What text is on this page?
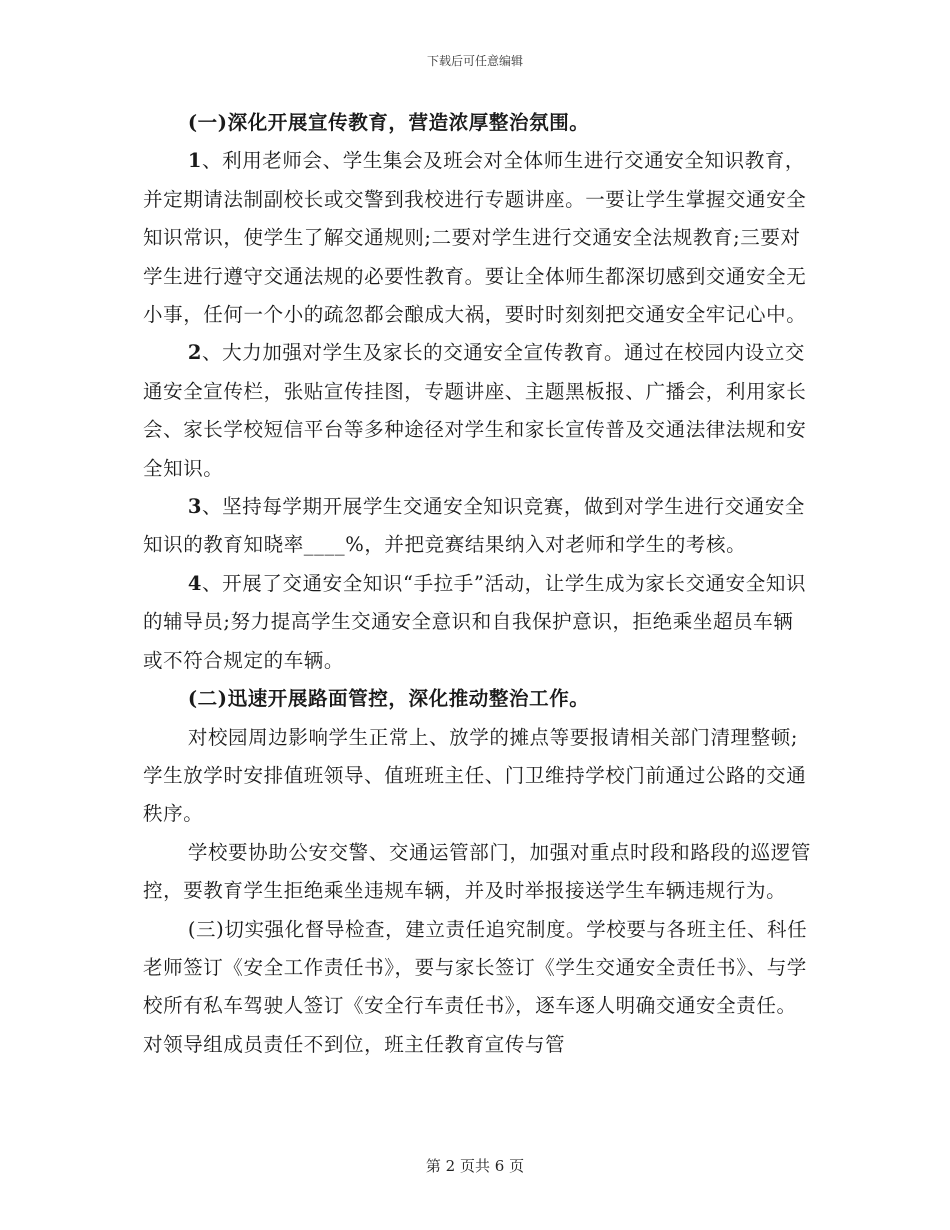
下载后可任意编辑

(一)深化开展宣传教育，营造浓厚整治氛围。

1、利用老师会、学生集会及班会对全体师生进行交通安全知识教育，并定期请法制副校长或交警到我校进行专题讲座。一要让学生掌握交通安全知识常识，使学生了解交通规则;二要对学生进行交通安全法规教育;三要对学生进行遵守交通法规的必要性教育。要让全体师生都深切感到交通安全无小事，任何一个小的疏忽都会酿成大祸，要时时刻刻把交通安全牢记心中。

2、大力加强对学生及家长的交通安全宣传教育。通过在校园内设立交通安全宣传栏，张贴宣传挂图，专题讲座、主题黑板报、广播会，利用家长会、家长学校短信平台等多种途径对学生和家长宣传普及交通法律法规和安全知识。

3、坚持每学期开展学生交通安全知识竞赛，做到对学生进行交通安全知识的教育知晓率____%，并把竞赛结果纳入对老师和学生的考核。

4、开展了交通安全知识“手拉手”活动，让学生成为家长交通安全知识的辅导员;努力提高学生交通安全意识和自我保护意识，拒绝乘坐超员车辆或不符合规定的车辆。

(二)迅速开展路面管控，深化推动整治工作。

对校园周边影响学生正常上、放学的摊点等要报请相关部门清理整顿;学生放学时安排值班领导、值班班主任、门卫维持学校门前通过公路的交通秩序。

学校要协助公安交警、交通运管部门，加强对重点时段和路段的巡逻管控，要教育学生拒绝乘坐违规车辆，并及时举报接送学生车辆违规行为。

(三)切实强化督导检查，建立责任追究制度。学校要与各班主任、科任老师签订《安全工作责任书》，要与家长签订《学生交通安全责任书》、与学校所有私车驾驶人签订《安全行车责任书》，逐车逐人明确交通安全责任。对领导组成员责任不到位，班主任教育宣传与管

第 2 页共 6 页
